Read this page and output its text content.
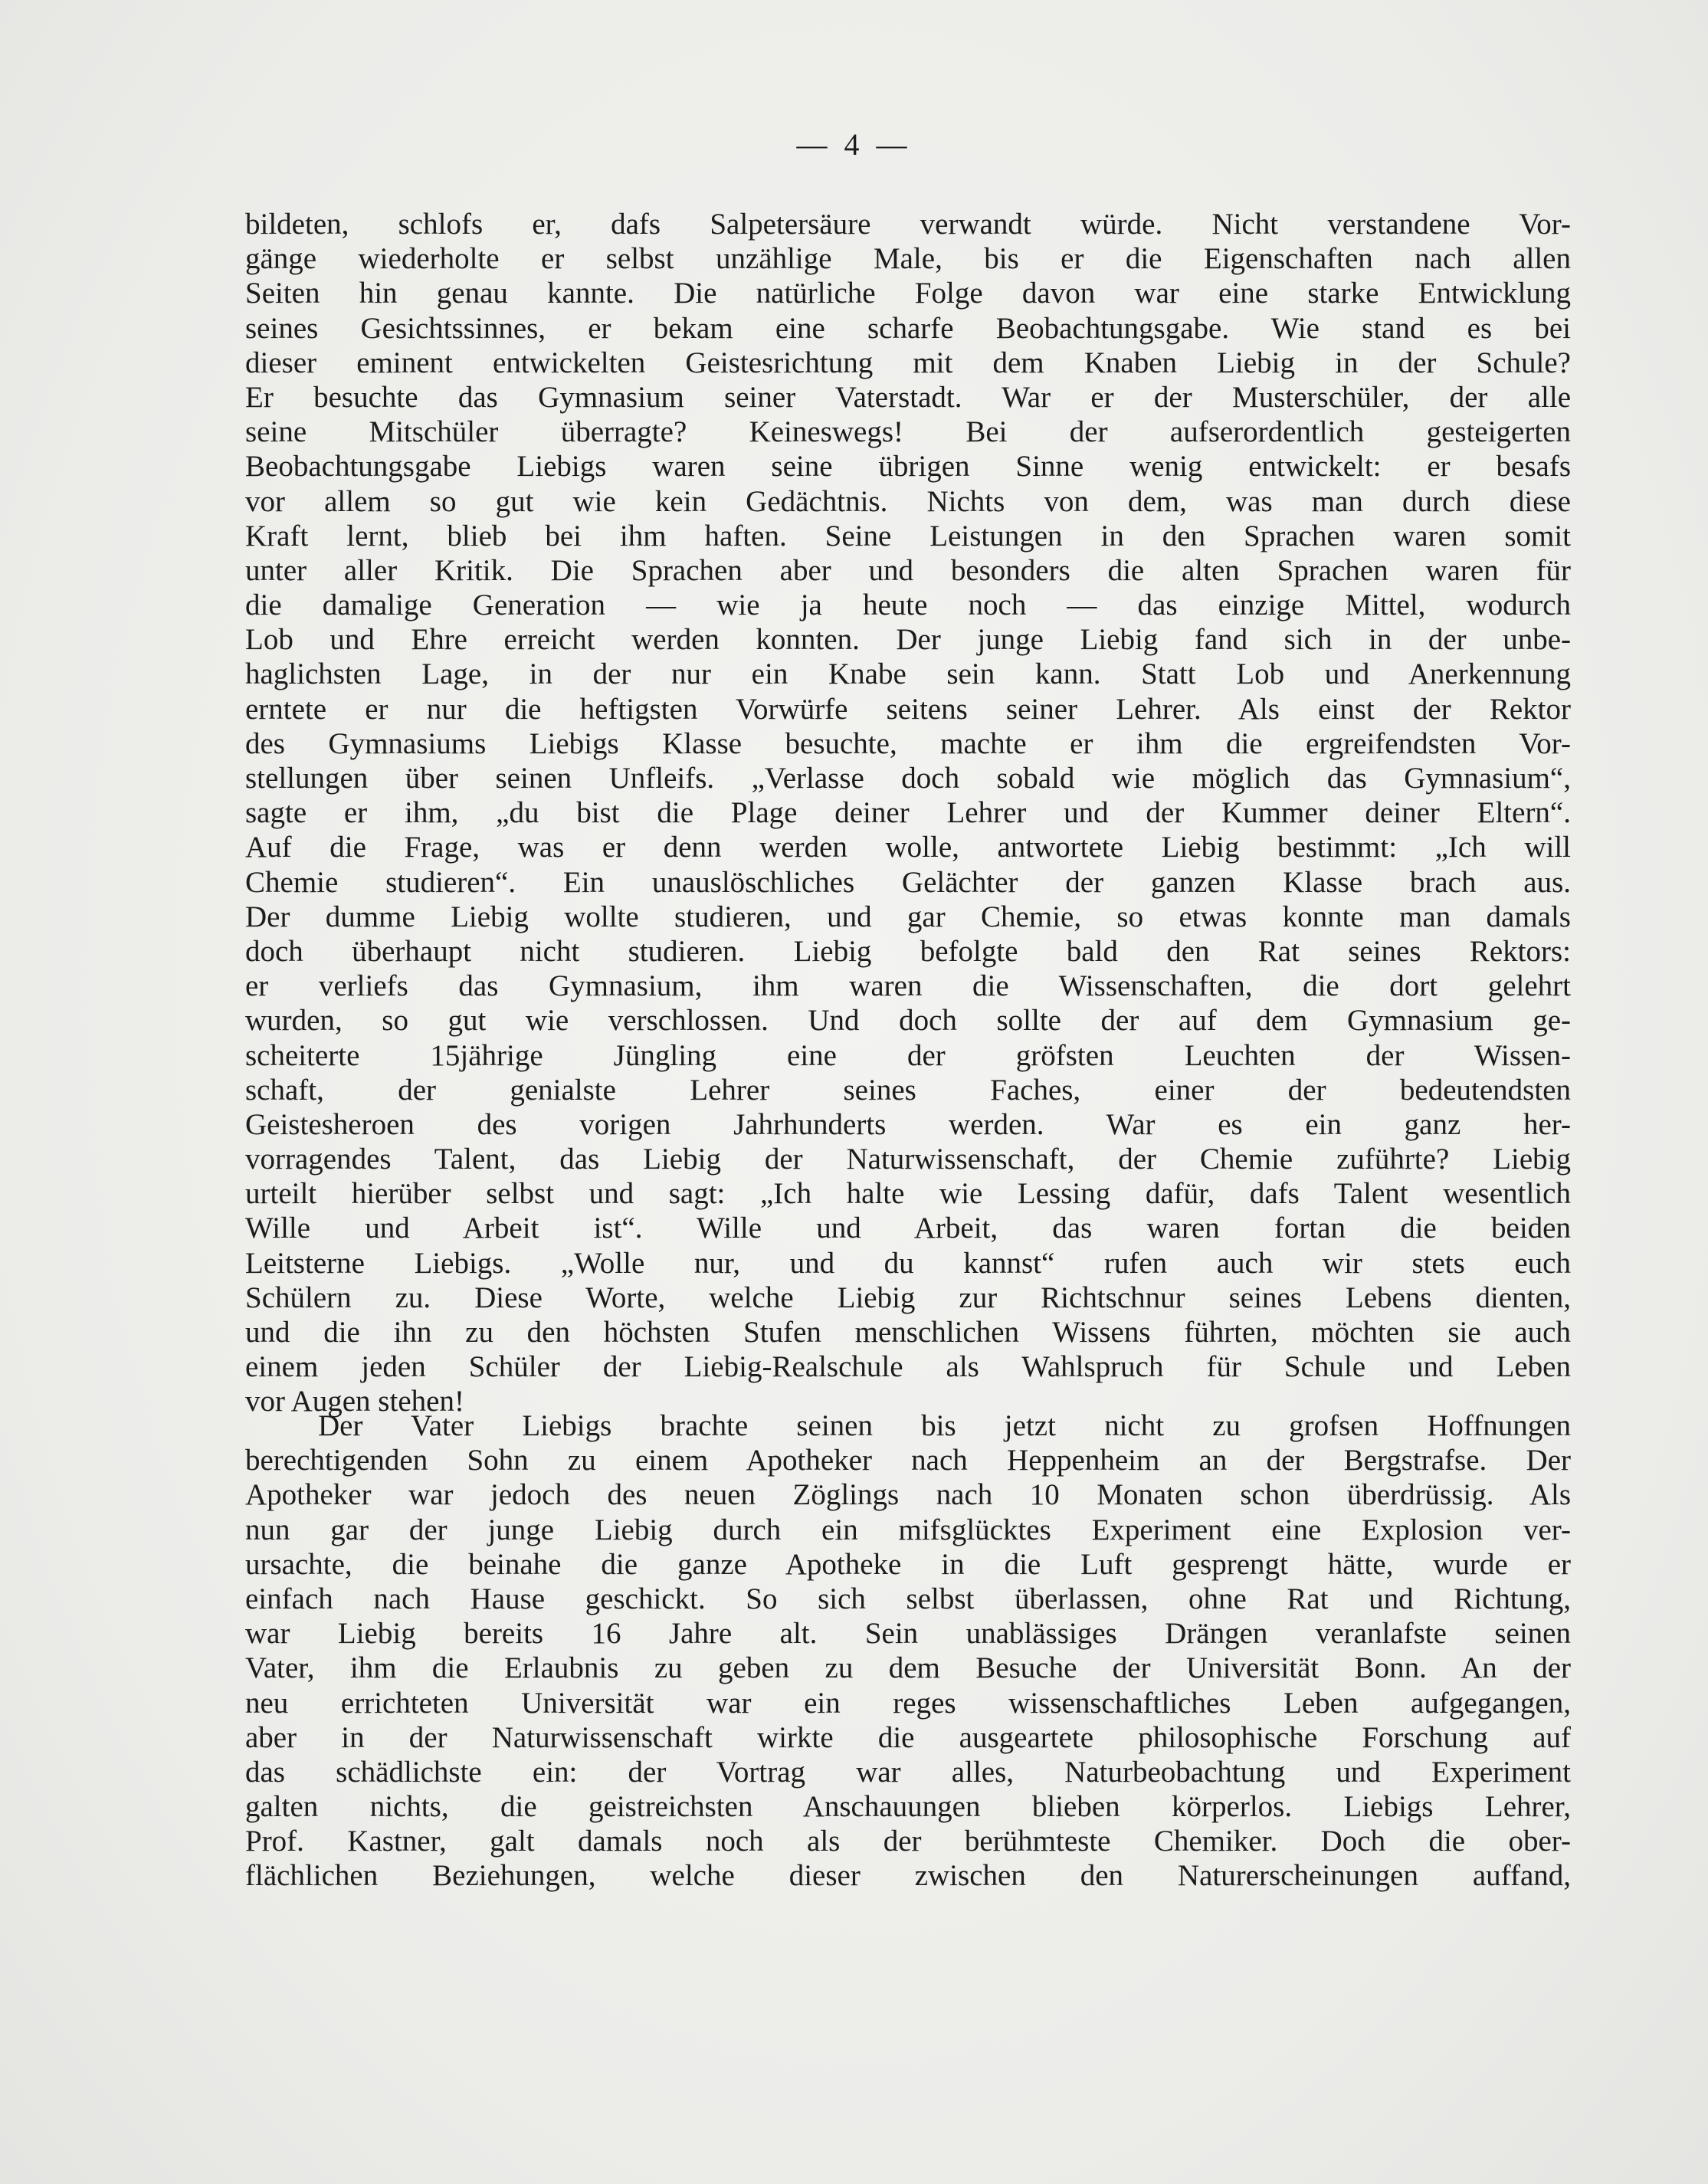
— 4 —
bildeten, schlofs er, dafs Salpetersäure verwandt würde. Nicht verstandene Vor-
gänge wiederholte er selbst unzählige Male, bis er die Eigenschaften nach allen
Seiten hin genau kannte. Die natürliche Folge davon war eine starke Entwicklung
seines Gesichtssinnes, er bekam eine scharfe Beobachtungsgabe. Wie stand es bei
dieser eminent entwickelten Geistesrichtung mit dem Knaben Liebig in der Schule?
Er besuchte das Gymnasium seiner Vaterstadt. War er der Musterschüler, der alle
seine Mitschüler überragte? Keineswegs! Bei der aufserordentlich gesteigerten
Beobachtungsgabe Liebigs waren seine übrigen Sinne wenig entwickelt: er besafs
vor allem so gut wie kein Gedächtnis. Nichts von dem, was man durch diese
Kraft lernt, blieb bei ihm haften. Seine Leistungen in den Sprachen waren somit
unter aller Kritik. Die Sprachen aber und besonders die alten Sprachen waren für
die damalige Generation — wie ja heute noch — das einzige Mittel, wodurch
Lob und Ehre erreicht werden konnten. Der junge Liebig fand sich in der unbe-
haglichsten Lage, in der nur ein Knabe sein kann. Statt Lob und Anerkennung
erntete er nur die heftigsten Vorwürfe seitens seiner Lehrer. Als einst der Rektor
des Gymnasiums Liebigs Klasse besuchte, machte er ihm die ergreifendsten Vor-
stellungen über seinen Unfleifs. „Verlasse doch sobald wie möglich das Gymnasium“,
sagte er ihm, „du bist die Plage deiner Lehrer und der Kummer deiner Eltern“.
Auf die Frage, was er denn werden wolle, antwortete Liebig bestimmt: „Ich will
Chemie studieren“. Ein unauslöschliches Gelächter der ganzen Klasse brach aus.
Der dumme Liebig wollte studieren, und gar Chemie, so etwas konnte man damals
doch überhaupt nicht studieren. Liebig befolgte bald den Rat seines Rektors:
er verliefs das Gymnasium, ihm waren die Wissenschaften, die dort gelehrt
wurden, so gut wie verschlossen. Und doch sollte der auf dem Gymnasium ge-
scheiterte 15jährige Jüngling eine der gröfsten Leuchten der Wissen-
schaft, der genialste Lehrer seines Faches, einer der bedeutendsten
Geistesheroen des vorigen Jahrhunderts werden. War es ein ganz her-
vorragendes Talent, das Liebig der Naturwissenschaft, der Chemie zuführte? Liebig
urteilt hierüber selbst und sagt: „Ich halte wie Lessing dafür, dafs Talent wesentlich
Wille und Arbeit ist“. Wille und Arbeit, das waren fortan die beiden
Leitsterne Liebigs. „Wolle nur, und du kannst“ rufen auch wir stets euch
Schülern zu. Diese Worte, welche Liebig zur Richtschnur seines Lebens dienten,
und die ihn zu den höchsten Stufen menschlichen Wissens führten, möchten sie auch
einem jeden Schüler der Liebig-Realschule als Wahlspruch für Schule und Leben
vor Augen stehen!
Der Vater Liebigs brachte seinen bis jetzt nicht zu grofsen Hoffnungen
berechtigenden Sohn zu einem Apotheker nach Heppenheim an der Bergstrafse. Der
Apotheker war jedoch des neuen Zöglings nach 10 Monaten schon überdrüssig. Als
nun gar der junge Liebig durch ein mifsglücktes Experiment eine Explosion ver-
ursachte, die beinahe die ganze Apotheke in die Luft gesprengt hätte, wurde er
einfach nach Hause geschickt. So sich selbst überlassen, ohne Rat und Richtung,
war Liebig bereits 16 Jahre alt. Sein unablässiges Drängen veranlafste seinen
Vater, ihm die Erlaubnis zu geben zu dem Besuche der Universität Bonn. An der
neu errichteten Universität war ein reges wissenschaftliches Leben aufgegangen,
aber in der Naturwissenschaft wirkte die ausgeartete philosophische Forschung auf
das schädlichste ein: der Vortrag war alles, Naturbeobachtung und Experiment
galten nichts, die geistreichsten Anschauungen blieben körperlos. Liebigs Lehrer,
Prof. Kastner, galt damals noch als der berühmteste Chemiker. Doch die ober-
flächlichen Beziehungen, welche dieser zwischen den Naturerscheinungen auffand,
